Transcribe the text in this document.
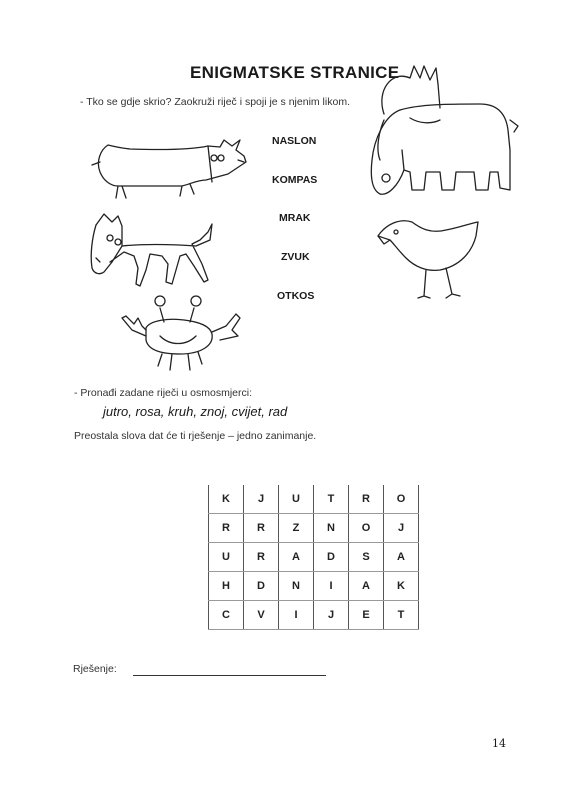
ENIGMATSKE STRANICE
- Tko se gdje skrio? Zaokruži riječ i spoji je s njenim likom.
NASLON
KOMPAS
MRAK
ZVUK
OTKOS
- Pronađi zadane riječi u osmosmjerci:
jutro, rosa, kruh, znoj, cvijet, rad
Preostala slova dat će ti rješenje – jedno zanimanje.
K	J	U	T	R	O
R	R	Z	N	O	J
U	R	A	D	S	A
H	D	N	I	A	K
C	V	I	J	E	T
Rješenje:
14
